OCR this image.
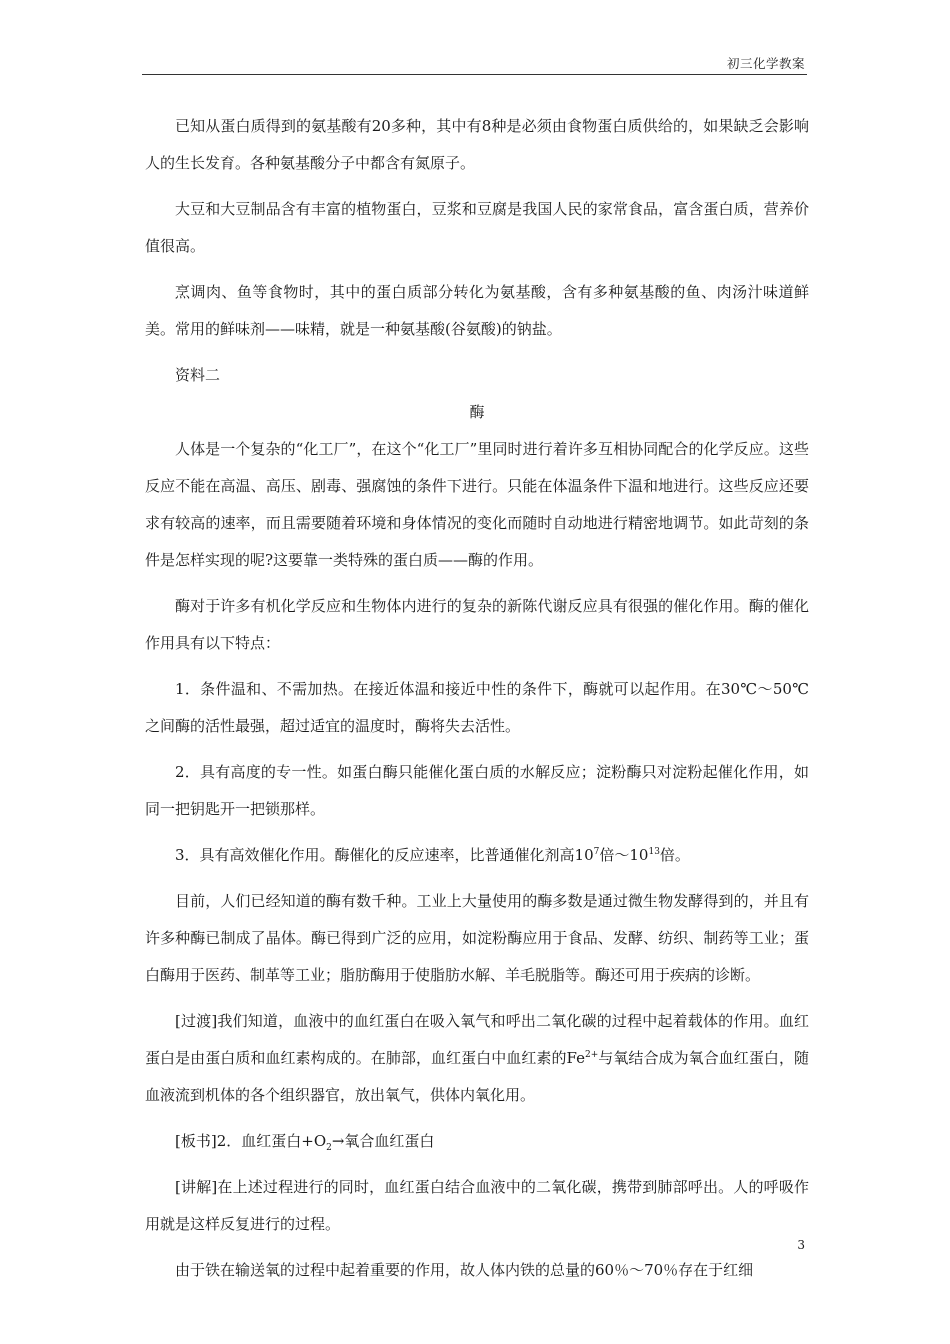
初三化学教案

已知从蛋白质得到的氨基酸有20多种，其中有8种是必须由食物蛋白质供给的，如果缺乏会影响人的生长发育。各种氨基酸分子中都含有氮原子。

大豆和大豆制品含有丰富的植物蛋白，豆浆和豆腐是我国人民的家常食品，富含蛋白质，营养价值很高。

烹调肉、鱼等食物时，其中的蛋白质部分转化为氨基酸，含有多种氨基酸的鱼、肉汤汁味道鲜美。常用的鲜味剂——味精，就是一种氨基酸(谷氨酸)的钠盐。

资料二

酶

人体是一个复杂的“化工厂”，在这个“化工厂”里同时进行着许多互相协同配合的化学反应。这些反应不能在高温、高压、剧毒、强腐蚀的条件下进行。只能在体温条件下温和地进行。这些反应还要求有较高的速率，而且需要随着环境和身体情况的变化而随时自动地进行精密地调节。如此苛刻的条件是怎样实现的呢?这要靠一类特殊的蛋白质——酶的作用。

酶对于许多有机化学反应和生物体内进行的复杂的新陈代谢反应具有很强的催化作用。酶的催化作用具有以下特点：

1．条件温和、不需加热。在接近体温和接近中性的条件下，酶就可以起作用。在30℃～50℃之间酶的活性最强，超过适宜的温度时，酶将失去活性。

2．具有高度的专一性。如蛋白酶只能催化蛋白质的水解反应；淀粉酶只对淀粉起催化作用，如同一把钥匙开一把锁那样。

3．具有高效催化作用。酶催化的反应速率，比普通催化剂高$10^7$倍$\sim 10^{13}$倍。

目前，人们已经知道的酶有数千种。工业上大量使用的酶多数是通过微生物发酵得到的，并且有许多种酶已制成了晶体。酶已得到广泛的应用，如淀粉酶应用于食品、发酵、纺织、制药等工业；蛋白酶用于医药、制革等工业；脂肪酶用于使脂肪水解、羊毛脱脂等。酶还可用于疾病的诊断。

[过渡]我们知道，血液中的血红蛋白在吸入氧气和呼出二氧化碳的过程中起着载体的作用。血红蛋白是由蛋白质和血红素构成的。在肺部，血红蛋白中血红素的$Fe^{2+}$与氧结合成为氧合血红蛋白，随血液流到机体的各个组织器官，放出氧气，供体内氧化用。

[板书]2．血红蛋白$+O_2\to$氧合血红蛋白

[讲解]在上述过程进行的同时，血红蛋白结合血液中的二氧化碳，携带到肺部呼出。人的呼吸作用就是这样反复进行的过程。

由于铁在输送氧的过程中起着重要的作用，故人体内铁的总量的60％～70％存在于红细

3
